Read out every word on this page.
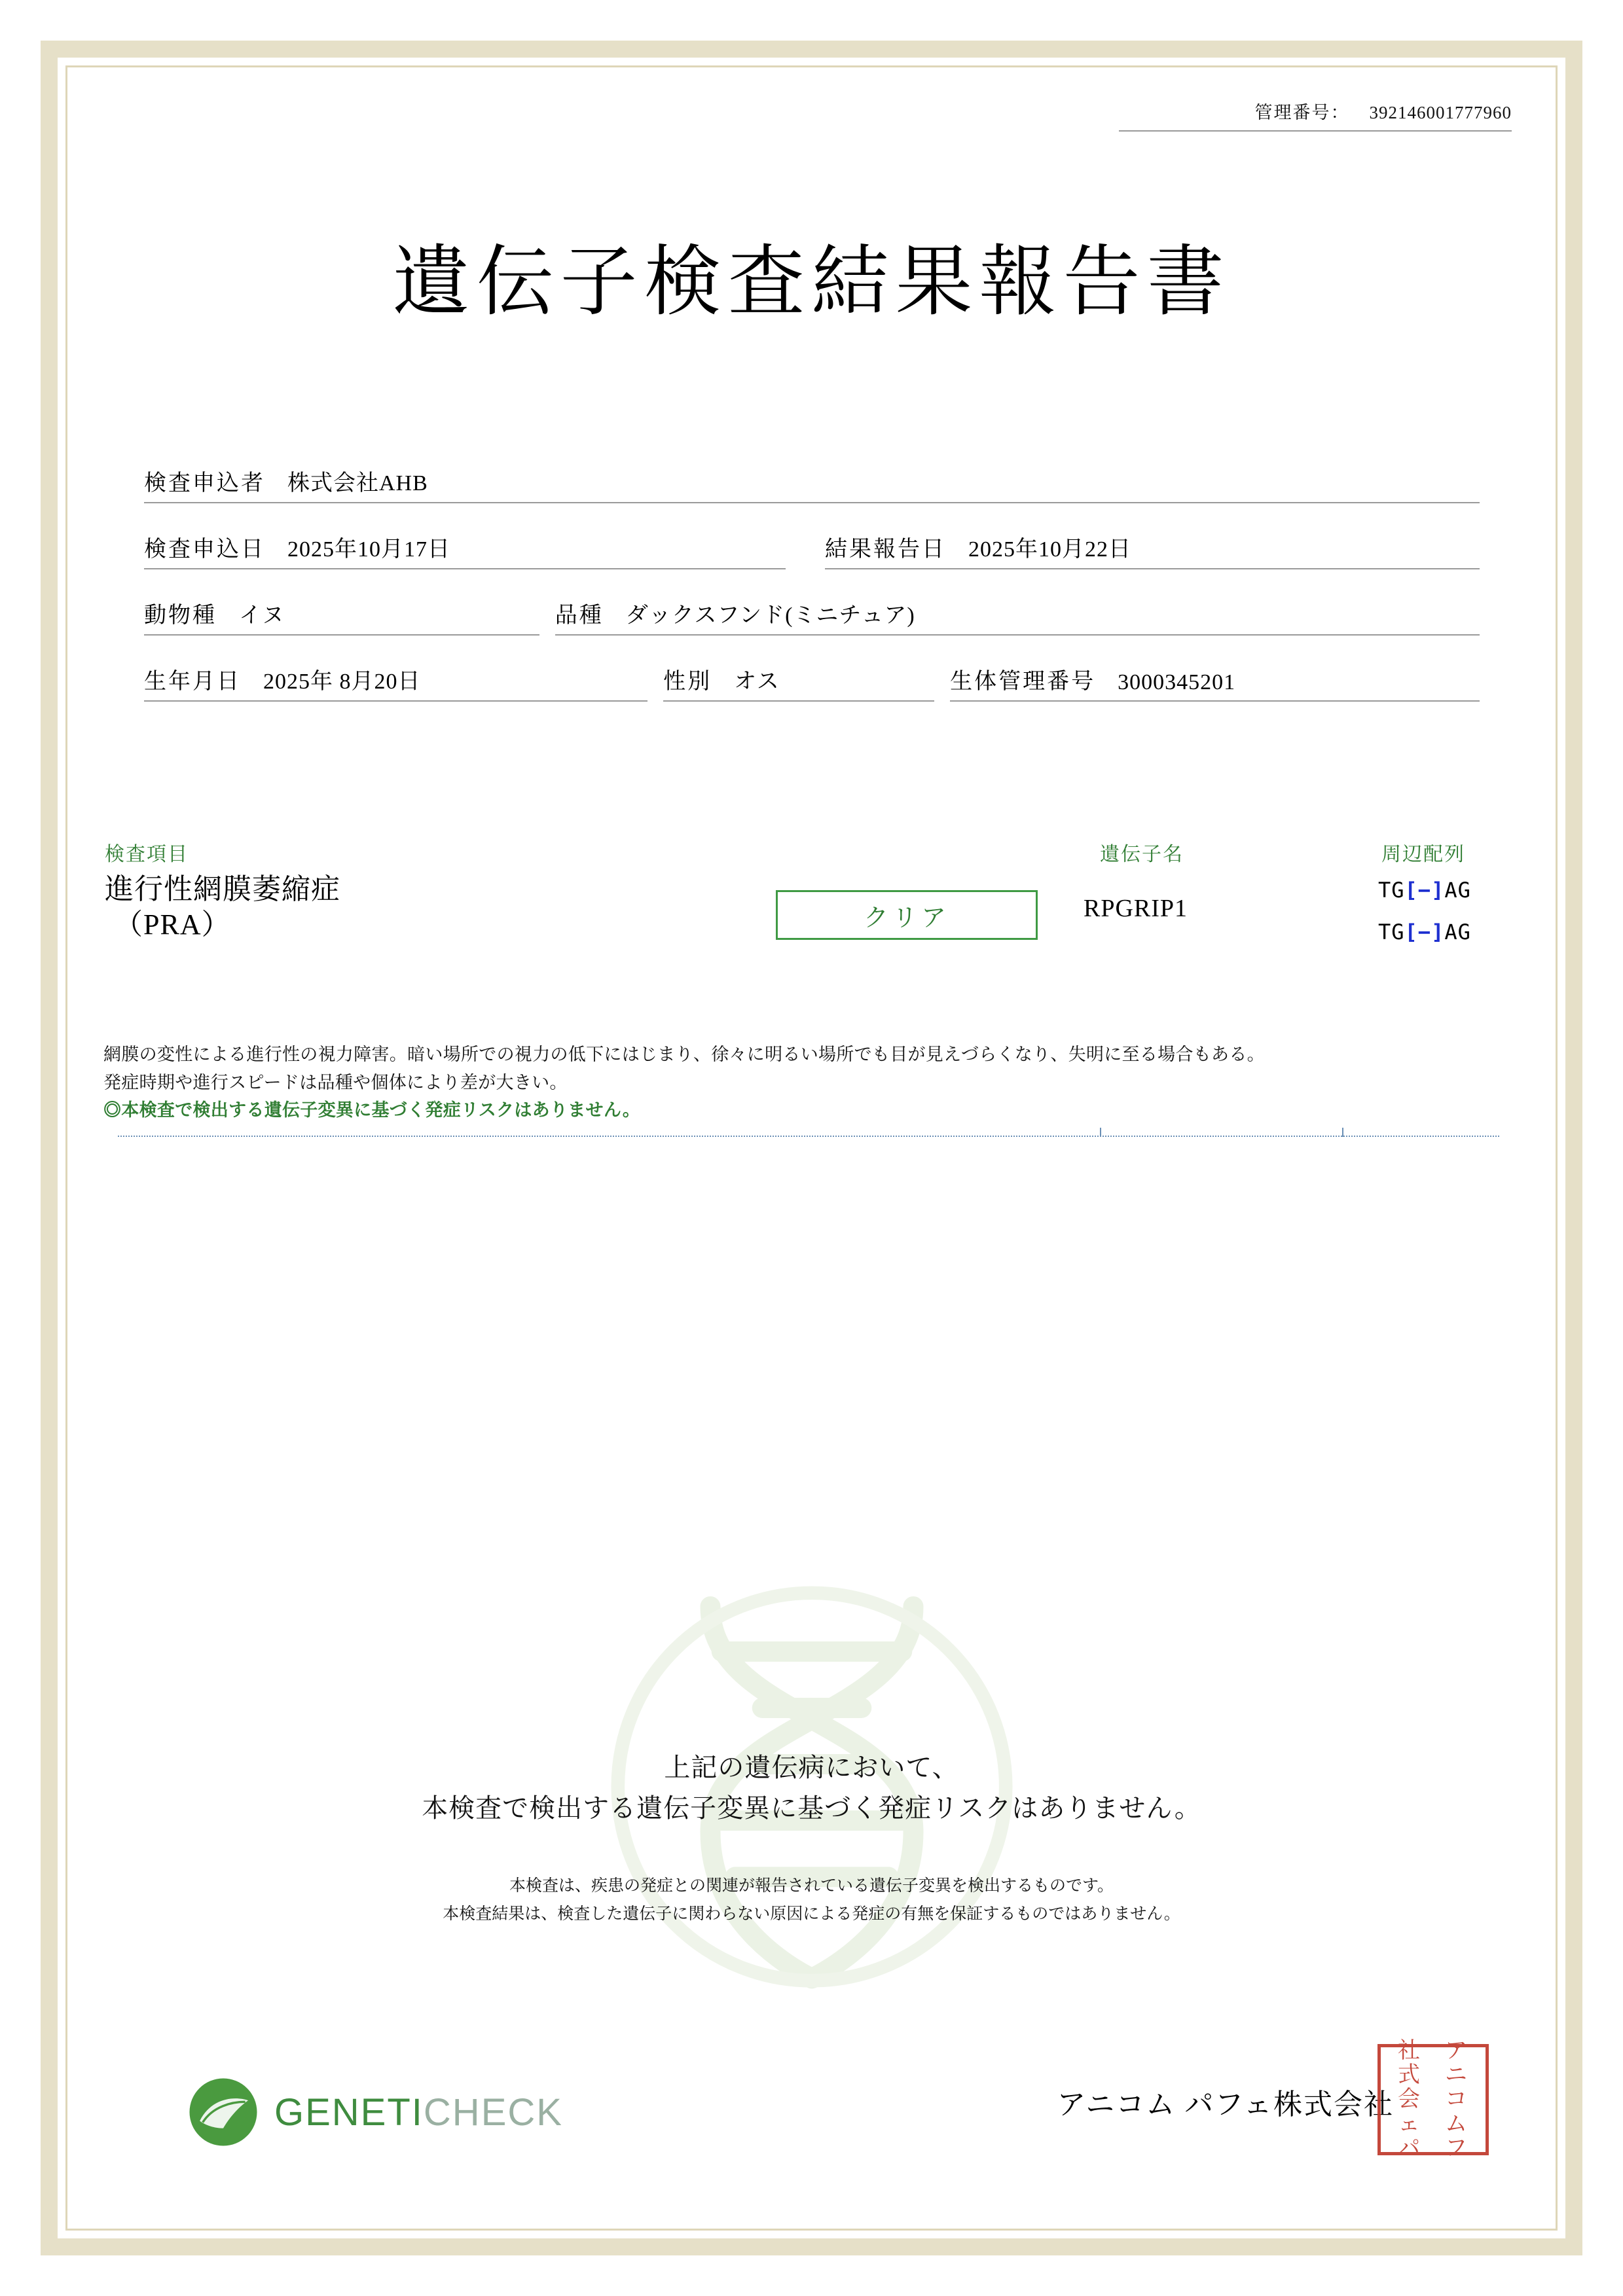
管理番号： 392146001777960
遺伝子検査結果報告書
検査申込者 株式会社AHB
検査申込日 2025年10月17日	結果報告日 2025年10月22日
動物種 イヌ	品種 ダックスフンド(ミニチュア)
生年月日 2025年 8月20日	性別 オス	生体管理番号 3000345201
検査項目	遺伝子名	周辺配列
進行性網膜萎縮症
（PRA）	クリア	RPGRIP1
TG[−]AG
TG[−]AG
網膜の変性による進行性の視力障害。暗い場所での視力の低下にはじまり、徐々に明るい場所でも目が見えづらくなり、失明に至る場合もある。
発症時期や進行スピードは品種や個体により差が大きい。
◎本検査で検出する遺伝子変異に基づく発症リスクはありません。
上記の遺伝病において、
本検査で検出する遺伝子変異に基づく発症リスクはありません。
本検査は、疾患の発症との関連が報告されている遺伝子変異を検出するものです。
本検査結果は、検査した遺伝子に関わらない原因による発症の有無を保証するものではありません。
GENETICHECK	アニコム パフェ株式会社
社	ア
式	ニ
会	コ
ェ	ム
パ	フ
